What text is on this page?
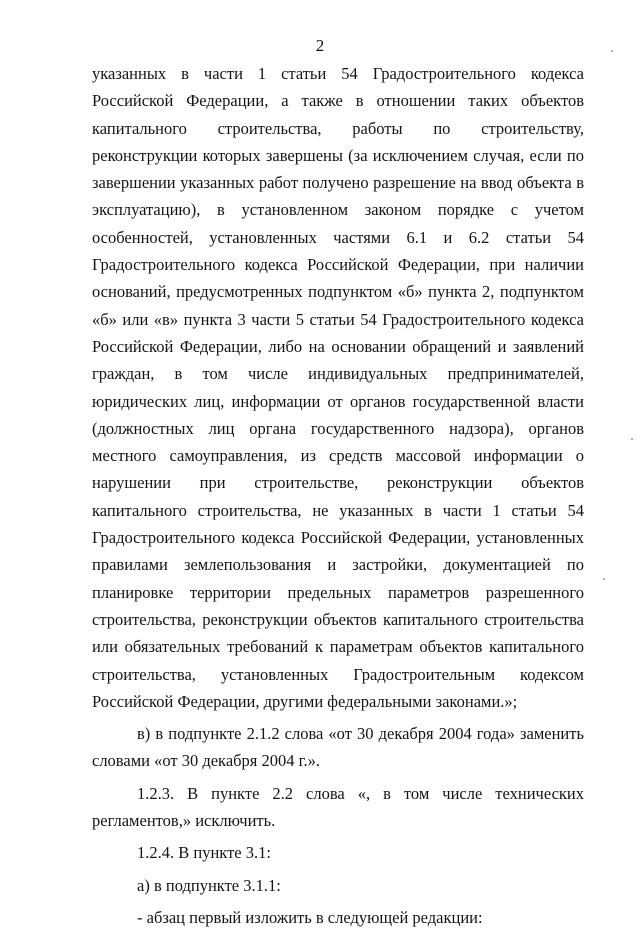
2

указанных в части 1 статьи 54 Градостроительного кодекса Российской Федерации, а также в отношении таких объектов капитального строительства, работы по строительству, реконструкции которых завершены (за исключением случая, если по завершении указанных работ получено разрешение на ввод объекта в эксплуатацию), в установленном законом порядке с учетом особенностей, установленных частями 6.1 и 6.2 статьи 54 Градостроительного кодекса Российской Федерации, при наличии оснований, предусмотренных подпунктом «б» пункта 2, подпунктом «б» или «в» пункта 3 части 5 статьи 54 Градостроительного кодекса Российской Федерации, либо на основании обращений и заявлений граждан, в том числе индивидуальных предпринимателей, юридических лиц, информации от органов государственной власти (должностных лиц органа государственного надзора), органов местного самоуправления, из средств массовой информации о нарушении при строительстве, реконструкции объектов капитального строительства, не указанных в части 1 статьи 54 Градостроительного кодекса Российской Федерации, установленных правилами землепользования и застройки, документацией по планировке территории предельных параметров разрешенного строительства, реконструкции объектов капитального строительства или обязательных требований к параметрам объектов капитального строительства, установленных Градостроительным кодексом Российской Федерации, другими федеральными законами.»;

в) в подпункте 2.1.2 слова «от 30 декабря 2004 года» заменить словами «от 30 декабря 2004 г.».

1.2.3. В пункте 2.2 слова «, в том числе технических регламентов,» исключить.

1.2.4. В пункте 3.1:

а) в подпункте 3.1.1:

- абзац первый изложить в следующей редакции:
